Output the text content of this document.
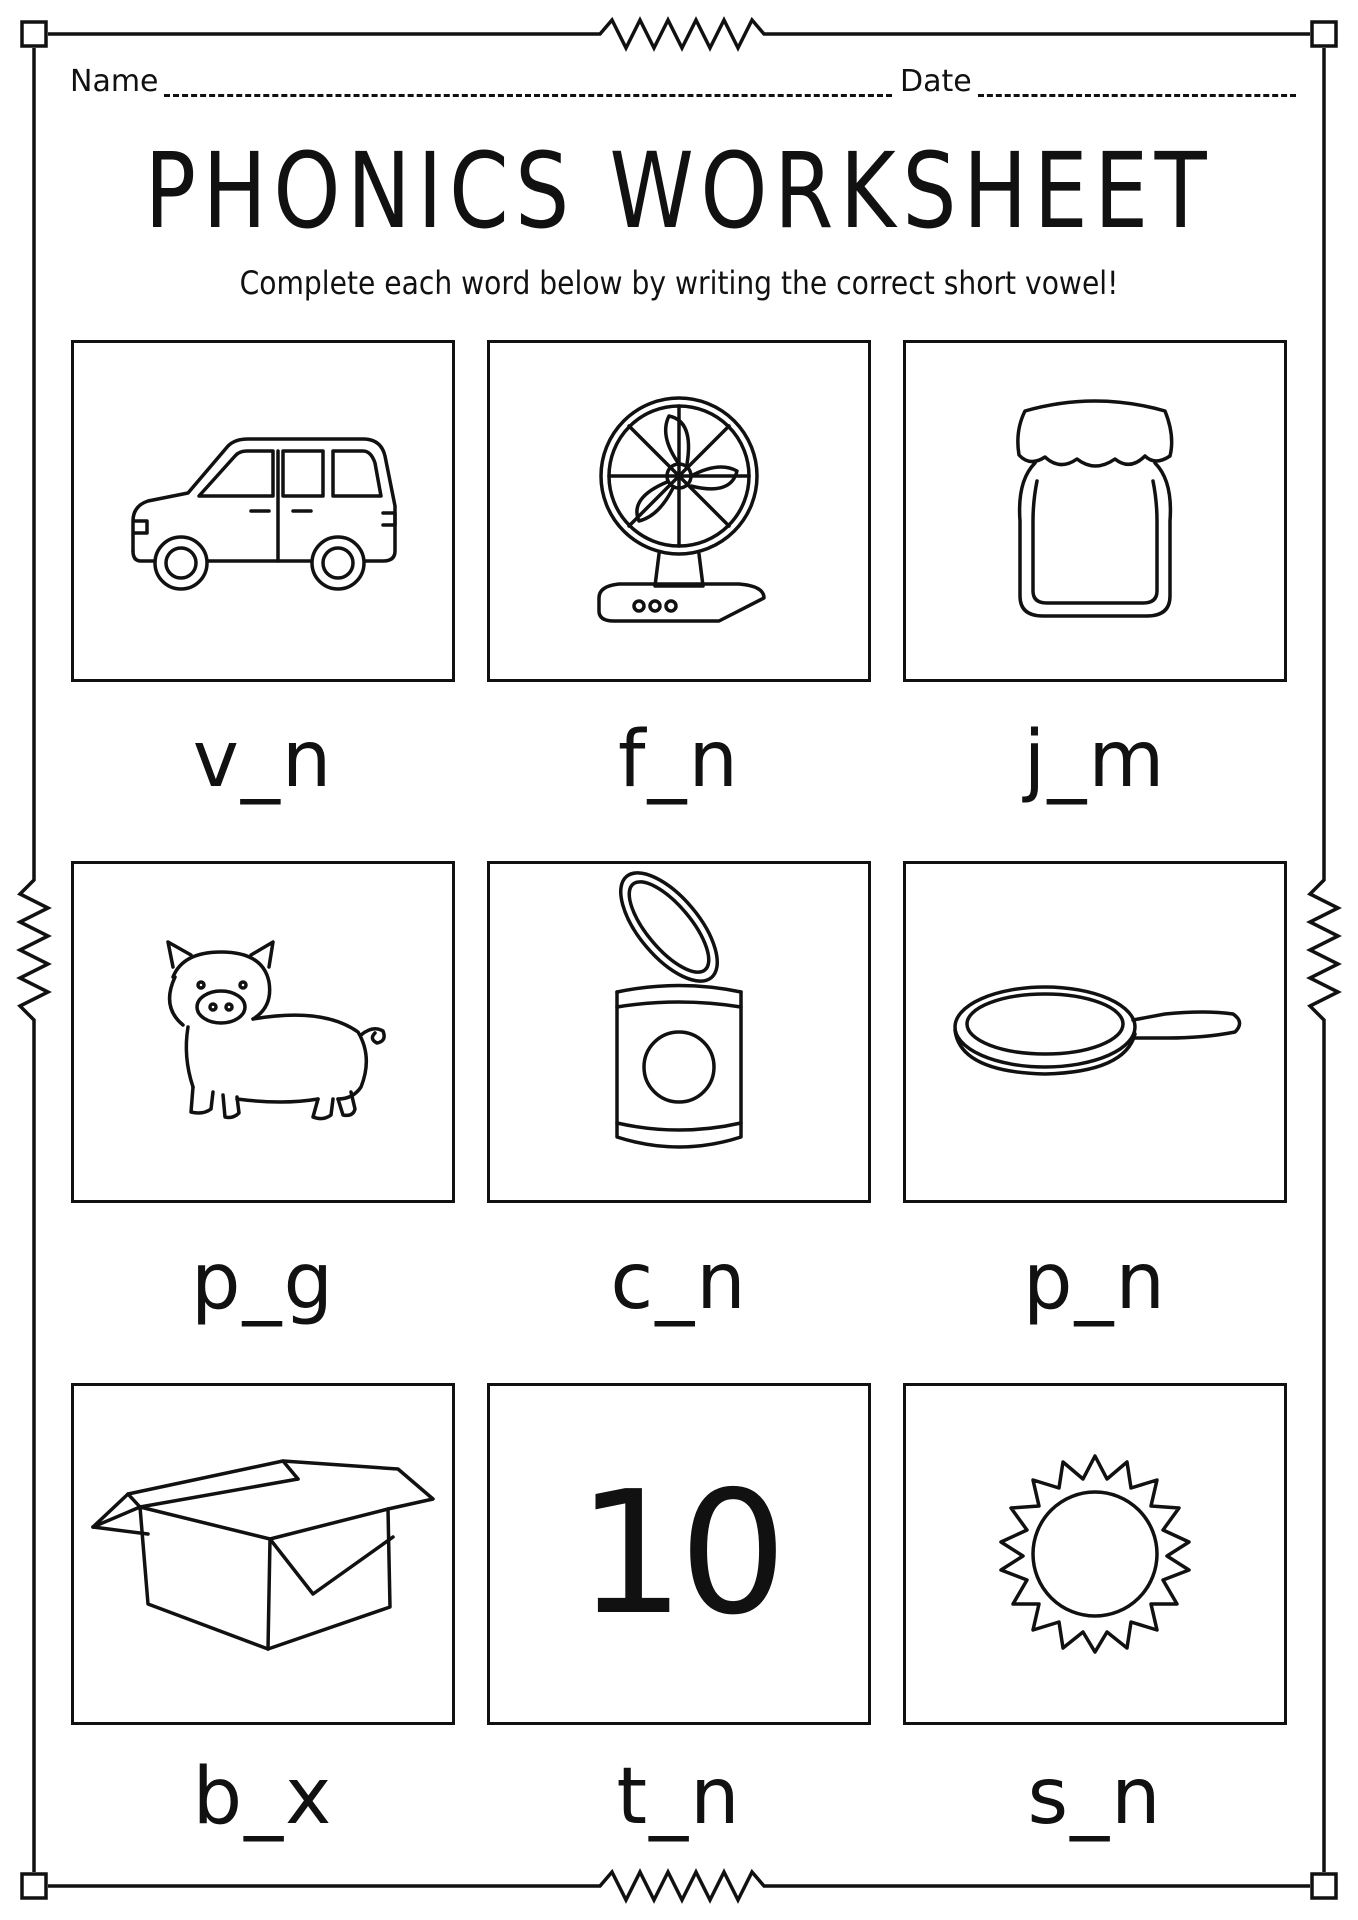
Name	Date
PHONICS WORKSHEET
Complete each word below by writing the correct short vowel!
v_n	f_n	j_m
p_g	c_n	p_n
10
b_x	t_n	s_n
